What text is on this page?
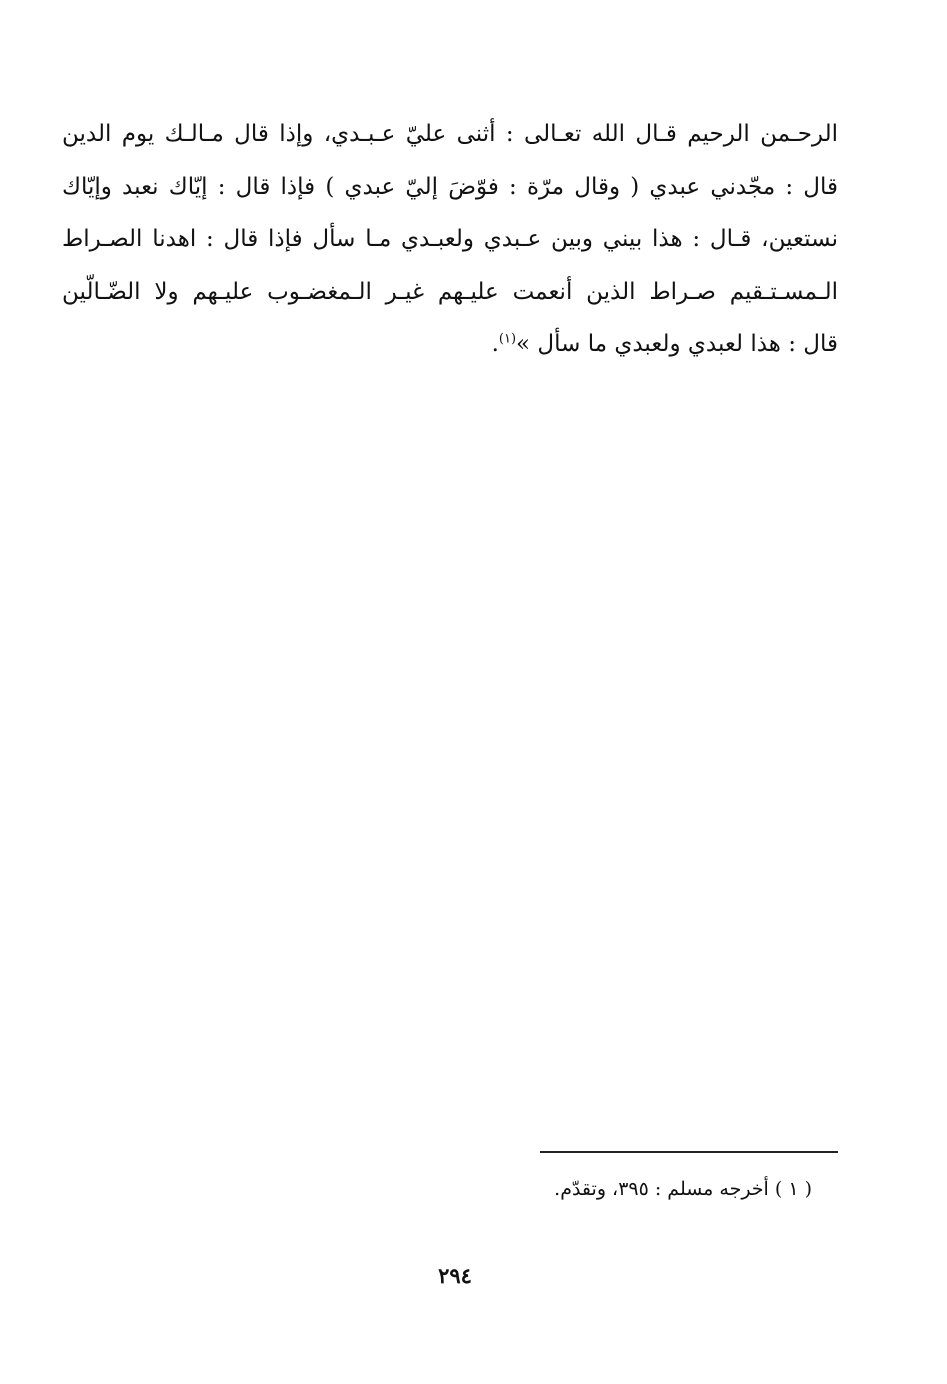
الرحـمن الرحيم قـال الله تعـالى : أثنى عليّ عـبـدي، وإذا قال مـالـك يوم الدين
قال : مجّدني عبدي ( وقال مرّة : فوّضَ إليّ عبدي ) فإذا قال : إيّاك نعبد وإيّاك
نستعين، قـال : هذا بيني وبين عـبدي ولعبـدي مـا سأل فإذا قال : اهدنا الصـراط
الـمسـتـقيم صـراط الذين أنعمت عليـهم غيـر الـمغضـوب عليـهم ولا الضّـالّين
قال : هذا لعبدي ولعبدي ما سأل »$^{(١)}$.
( ١ ) أخرجه مسلم : ٣٩٥، وتقدّم.
٢٩٤
